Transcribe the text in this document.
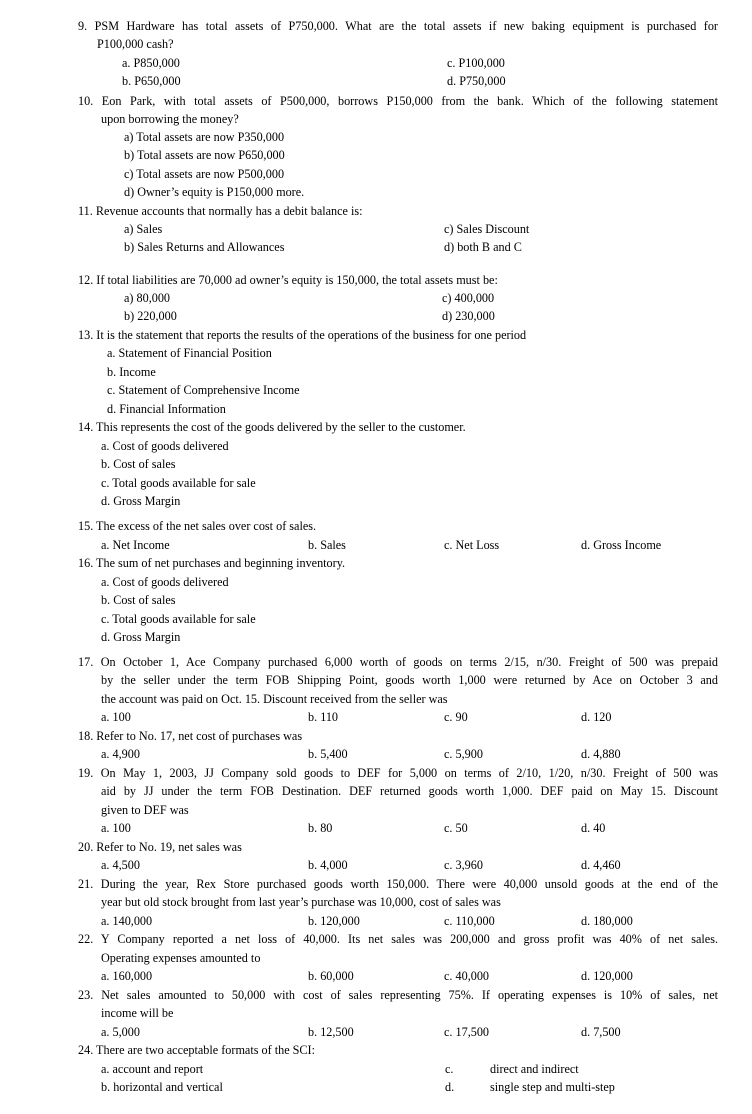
9. PSM Hardware has total assets of P750,000. What are the total assets if new baking equipment is purchased for
P100,000 cash?
a. P850,000	c. P100,000
b. P650,000	d. P750,000
10. Eon Park, with total assets of P500,000, borrows P150,000 from the bank. Which of the following statement
upon borrowing the money?
a) Total assets are now P350,000
b) Total assets are now P650,000
c) Total assets are now P500,000
d) Owner’s equity is P150,000 more.
11. Revenue accounts that normally has a debit balance is:
a) Sales	c) Sales Discount
b) Sales Returns and Allowances	d) both B and C
12. If total liabilities are 70,000 ad owner’s equity is 150,000, the total assets must be:
a) 80,000	c) 400,000
b) 220,000	d) 230,000
13. It is the statement that reports the results of the operations of the business for one period
a. Statement of Financial Position
b. Income
c. Statement of Comprehensive Income
d. Financial Information
14. This represents the cost of the goods delivered by the seller to the customer.
a. Cost of goods delivered
b. Cost of sales
c. Total goods available for sale
d. Gross Margin
15. The excess of the net sales over cost of sales.
a. Net Income	b. Sales	c. Net Loss	d. Gross Income
16. The sum of net purchases and beginning inventory.
a. Cost of goods delivered
b. Cost of sales
c. Total goods available for sale
d. Gross Margin
17. On October 1, Ace Company purchased 6,000 worth of goods on terms 2/15, n/30. Freight of 500 was prepaid
by the seller under the term FOB Shipping Point, goods worth 1,000 were returned by Ace on October 3 and
the account was paid on Oct. 15. Discount received from the seller was
a. 100	b. 110	c. 90	d. 120
18. Refer to No. 17, net cost of purchases was
a. 4,900	b. 5,400	c. 5,900	d. 4,880
19. On May 1, 2003, JJ Company sold goods to DEF for 5,000 on terms of 2/10, 1/20, n/30. Freight of 500 was
aid by JJ under the term FOB Destination. DEF returned goods worth 1,000. DEF paid on May 15. Discount
given to DEF was
a. 100	b. 80	c. 50	d. 40
20. Refer to No. 19, net sales was
a. 4,500	b. 4,000	c. 3,960	d. 4,460
21. During the year, Rex Store purchased goods worth 150,000. There were 40,000 unsold goods at the end of the
year but old stock brought from last year’s purchase was 10,000, cost of sales was
a. 140,000	b. 120,000	c. 110,000	d. 180,000
22. Y Company reported a net loss of 40,000. Its net sales was 200,000 and gross profit was 40% of net sales.
Operating expenses amounted to
a. 160,000	b. 60,000	c. 40,000	d. 120,000
23. Net sales amounted to 50,000 with cost of sales representing 75%. If operating expenses is 10% of sales, net
income will be
a. 5,000	b. 12,500	c. 17,500	d. 7,500
24. There are two acceptable formats of the SCI:
a. account and report	c.	direct and indirect
b. horizontal and vertical	d.	single step and multi-step
